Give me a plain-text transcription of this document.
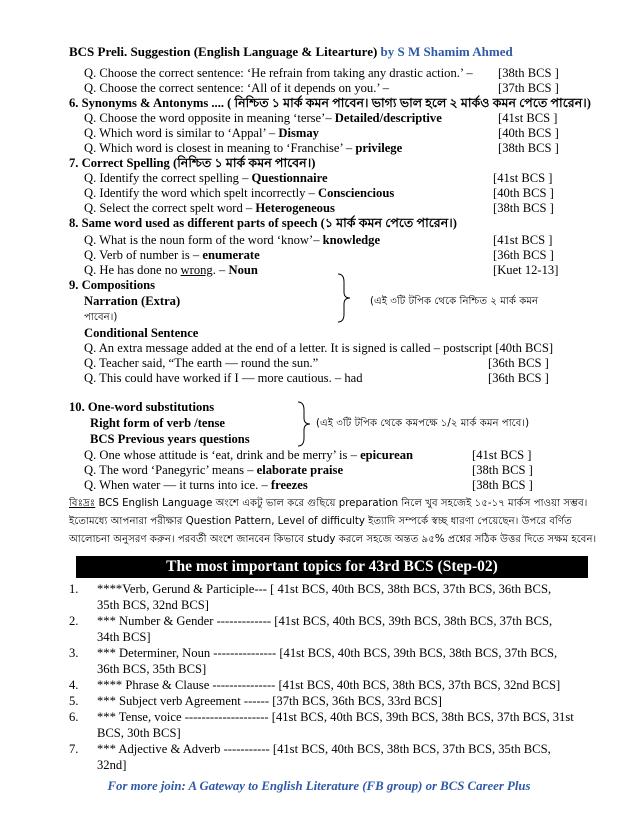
BCS Preli. Suggestion (English Language & Litearture) by S M Shamim Ahmed
Q. Choose the correct sentence: ‘He refrain from taking any drastic action.’ – [38th BCS ]
Q. Choose the correct sentence: ‘All of it depends on you.’ –	[37th BCS ]
6. Synonyms & Antonyms .... ( নিশ্চিত ১ মার্ক কমন পাবেন। ভাগ্য ভাল হলে ২ মার্কও কমন পেতে পারেন।)
Q. Choose the word opposite in meaning ‘terse’– Detailed/descriptive	[41st BCS ]
Q. Which word is similar to ‘Appal’ – Dismay	[40th BCS ]
Q. Which word is closest in meaning to ‘Franchise’ – privilege	[38th BCS ]
7. Correct Spelling (নিশ্চিত ১ মার্ক কমন পাবেন।)
Q. Identify the correct spelling – Questionnaire	[41st BCS ]
Q. Identify the word which spelt incorrectly – Consciencious	[40th BCS ]
Q. Select the correct spelt word – Heterogeneous	[38th BCS ]
8. Same word used as different parts of speech (১ মার্ক কমন পেতে পারেন।)
Q. What is the noun form of the word ‘know’– knowledge	[41st BCS ]
Q. Verb of number is – enumerate	[36th BCS ]
Q. He has done no wrong. – Noun	[Kuet 12-13]
9. Compositions
Narration (Extra)	(এই ৩টি টপিক থেকে নিশ্চিত ২ মার্ক কমন
পাবেন।)
Conditional Sentence
Q. An extra message added at the end of a letter. It is signed is called – postscript [40th BCS]
Q. Teacher said, “The earth — round the sun.”	[36th BCS ]
Q. This could have worked if I — more cautious. – had	[36th BCS ]
10. One-word substitutions
Right form of verb /tense
BCS Previous years questions
(এই ৩টি টপিক থেকে কমপক্ষে ১/২ মার্ক কমন পাবে।)
Q. One whose attitude is ‘eat, drink and be merry’ is – epicurean	[41st BCS ]
Q. The word ‘Panegyric’ means – elaborate praise	[38th BCS ]
Q. When water — it turns into ice. – freezes	[38th BCS ]
বিঃদ্রঃ BCS English Language অংশে একটু ভাল করে গুছিয়ে preparation নিলে খুব সহজেই ১৫-১৭ মার্কস পাওয়া সম্ভব।
ইতোমধ্যে আপনারা পরীক্ষার Question Pattern, Level of difficulty ইত্যাদি সম্পর্কে স্বচ্ছ ধারণা পেয়েছেন। উপরে বর্ণিত
আলোচনা অনুসরণ করুন। পরবর্তী অংশে জানবেন কিভাবে study করলে সহজে অন্তত ৯৫% প্রশ্নের সঠিক উত্তর দিতে সক্ষম হবেন।
The most important topics for 43rd BCS (Step-02)
1. ****Verb, Gerund & Participle--- [ 41st BCS, 40th BCS, 38th BCS, 37th BCS, 36th BCS,
35th BCS, 32nd BCS]
2. *** Number & Gender ------------- [41st BCS, 40th BCS, 39th BCS, 38th BCS, 37th BCS,
34th BCS]
3. *** Determiner, Noun --------------- [41st BCS, 40th BCS, 39th BCS, 38th BCS, 37th BCS,
36th BCS, 35th BCS]
4. **** Phrase & Clause --------------- [41st BCS, 40th BCS, 38th BCS, 37th BCS, 32nd BCS]
5. *** Subject verb Agreement ------ [37th BCS, 36th BCS, 33rd BCS]
6. *** Tense, voice -------------------- [41st BCS, 40th BCS, 39th BCS, 38th BCS, 37th BCS, 31st
BCS, 30th BCS]
7. *** Adjective & Adverb ----------- [41st BCS, 40th BCS, 38th BCS, 37th BCS, 35th BCS,
32nd]
For more join: A Gateway to English Literature (FB group) or BCS Career Plus
